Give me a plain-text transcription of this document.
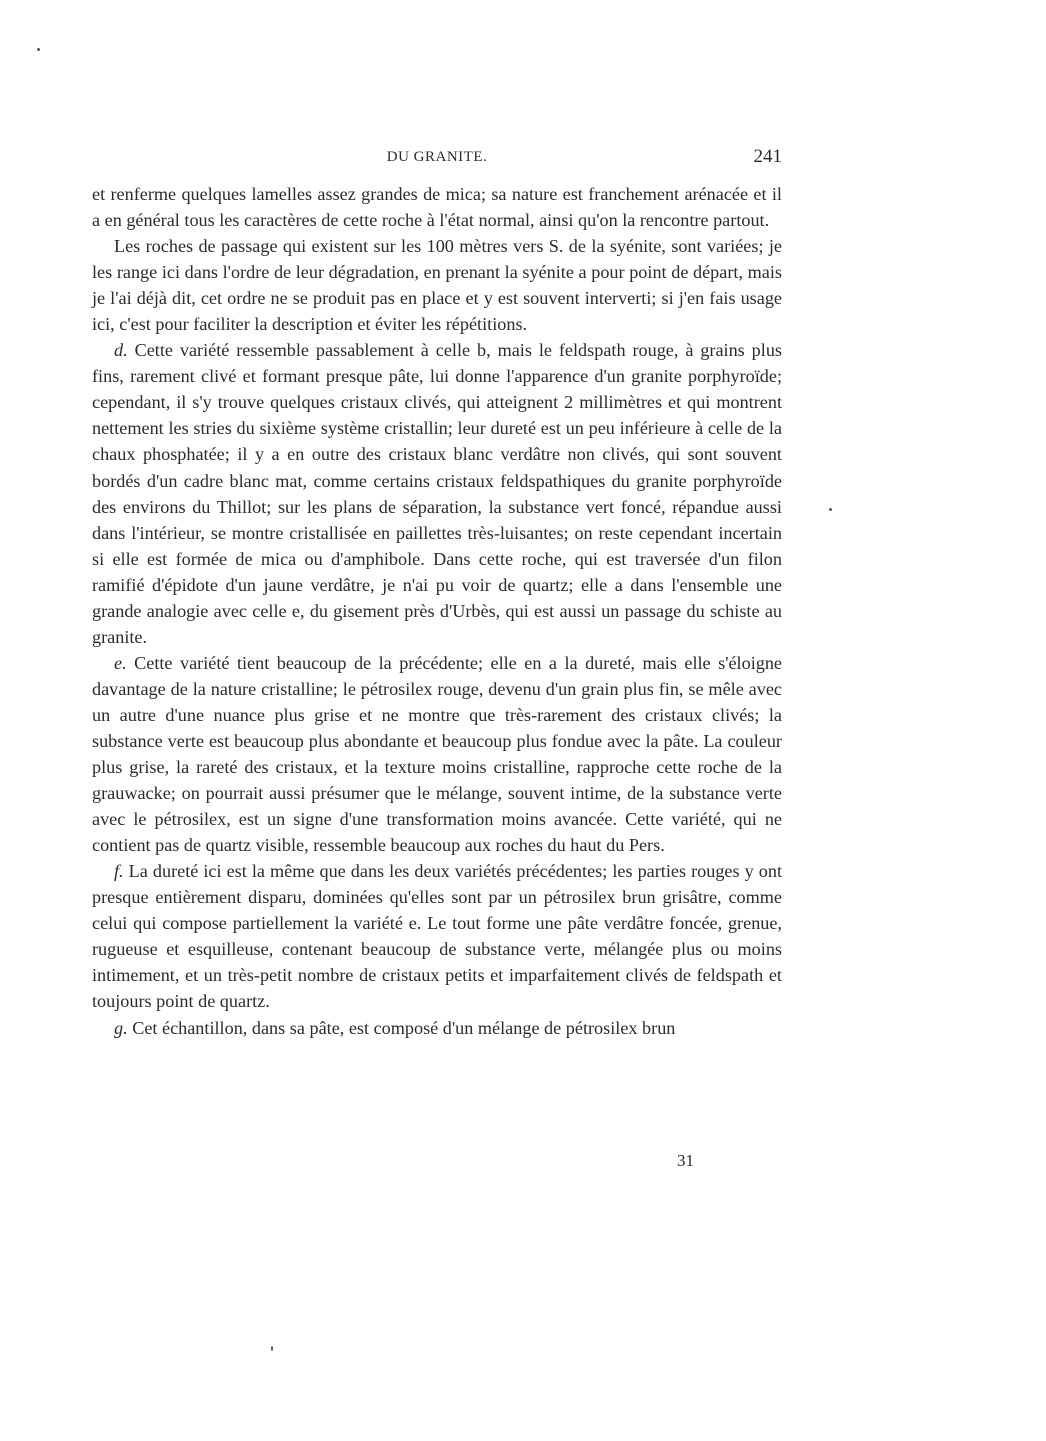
DU GRANITE.	241

et renferme quelques lamelles assez grandes de mica; sa nature est franchement arénacée et il a en général tous les caractères de cette roche à l'état normal, ainsi qu'on la rencontre partout.

Les roches de passage qui existent sur les 100 mètres vers S. de la syénite, sont variées; je les range ici dans l'ordre de leur dégradation, en prenant la syénite a pour point de départ, mais je l'ai déjà dit, cet ordre ne se produit pas en place et y est souvent interverti; si j'en fais usage ici, c'est pour faciliter la description et éviter les répétitions.

d. Cette variété ressemble passablement à celle b, mais le feldspath rouge, à grains plus fins, rarement clivé et formant presque pâte, lui donne l'apparence d'un granite porphyroïde; cependant, il s'y trouve quelques cristaux clivés, qui atteignent 2 millimètres et qui montrent nettement les stries du sixième système cristallin; leur dureté est un peu inférieure à celle de la chaux phosphatée; il y a en outre des cristaux blanc verdâtre non clivés, qui sont souvent bordés d'un cadre blanc mat, comme certains cristaux feldspathiques du granite porphyroïde des environs du Thillot; sur les plans de séparation, la substance vert foncé, répandue aussi dans l'intérieur, se montre cristallisée en paillettes très-luisantes; on reste cependant incertain si elle est formée de mica ou d'amphibole. Dans cette roche, qui est traversée d'un filon ramifié d'épidote d'un jaune verdâtre, je n'ai pu voir de quartz; elle a dans l'ensemble une grande analogie avec celle e, du gisement près d'Urbès, qui est aussi un passage du schiste au granite.

e. Cette variété tient beaucoup de la précédente; elle en a la dureté, mais elle s'éloigne davantage de la nature cristalline; le pétrosilex rouge, devenu d'un grain plus fin, se mêle avec un autre d'une nuance plus grise et ne montre que très-rarement des cristaux clivés; la substance verte est beaucoup plus abondante et beaucoup plus fondue avec la pâte. La couleur plus grise, la rareté des cristaux, et la texture moins cristalline, rapproche cette roche de la grauwacke; on pourrait aussi présumer que le mélange, souvent intime, de la substance verte avec le pétrosilex, est un signe d'une transformation moins avancée. Cette variété, qui ne contient pas de quartz visible, ressemble beaucoup aux roches du haut du Pers.

f. La dureté ici est la même que dans les deux variétés précédentes; les parties rouges y ont presque entièrement disparu, dominées qu'elles sont par un pétrosilex brun grisâtre, comme celui qui compose partiellement la variété e. Le tout forme une pâte verdâtre foncée, grenue, rugueuse et esquilleuse, contenant beaucoup de substance verte, mélangée plus ou moins intimement, et un très-petit nombre de cristaux petits et imparfaitement clivés de feldspath et toujours point de quartz.

g. Cet échantillon, dans sa pâte, est composé d'un mélange de pétrosilex brun

31
